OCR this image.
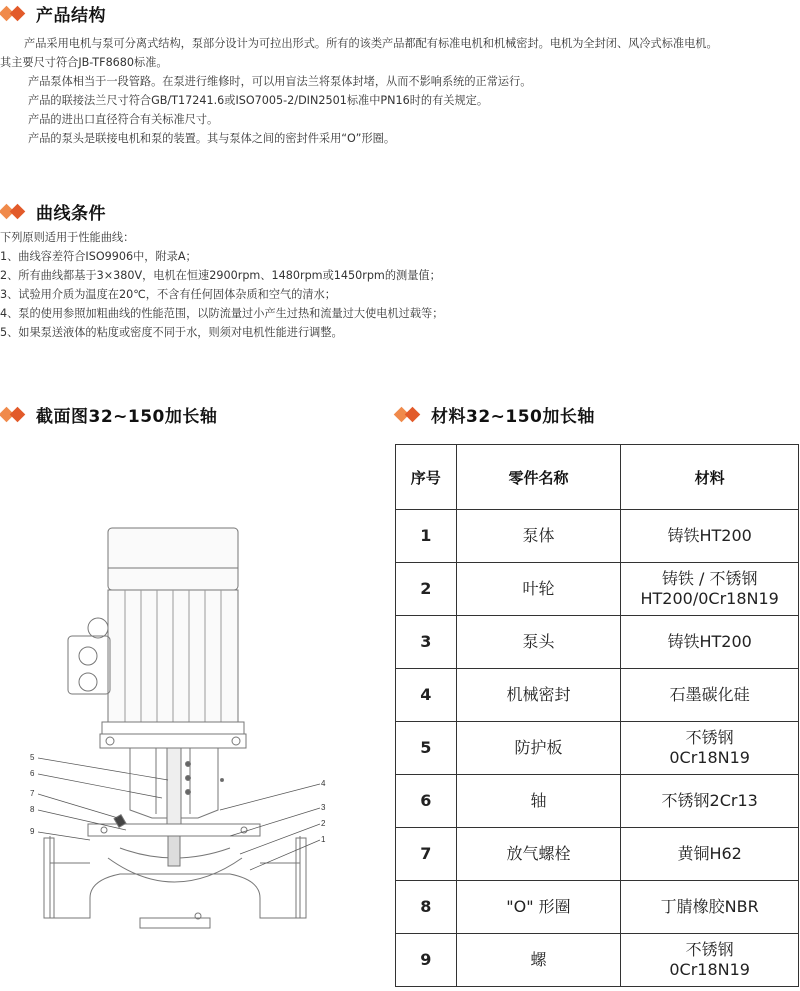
产品结构

产品采用电机与泵可分离式结构，泵部分设计为可拉出形式。所有的该类产品都配有标准电机和机械密封。电机为全封闭、风冷式标准电机。

其主要尺寸符合JB-TF8680标准。

产品泵体相当于一段管路。在泵进行维修时，可以用盲法兰将泵体封堵，从而不影响系统的正常运行。

产品的联接法兰尺寸符合GB/T17241.6或ISO7005-2/DIN2501标准中PN16时的有关规定。

产品的进出口直径符合有关标准尺寸。

产品的泵头是联接电机和泵的装置。其与泵体之间的密封件采用“O”形圈。

曲线条件

下列原则适用于性能曲线：

1、曲线容差符合ISO9906中，附录A；

2、所有曲线都基于3×380V，电机在恒速2900rpm、1480rpm或1450rpm的测量值；

3、试验用介质为温度在20℃，不含有任何固体杂质和空气的清水；

4、泵的使用参照加粗曲线的性能范围，以防流量过小产生过热和流量过大使电机过载等；

5、如果泵送液体的粘度或密度不同于水，则须对电机性能进行调整。

截面图32~150加长轴	材料32~150加长轴
5
6
7
8
9
4
3
2
1
序号	零件名称	材料
1	泵体	铸铁HT200

2	叶轮	铸铁 / 不锈钢
HT200/0Cr18N19

3	泵头	铸铁HT200

4	机械密封	石墨碳化硅

5	防护板	不锈钢
0Cr18N19

6	轴	不锈钢2Cr13

7	放气螺栓	黄铜H62

8	"O" 形圈	丁腈橡胶NBR

9	螺	不锈钢
0Cr18N19
